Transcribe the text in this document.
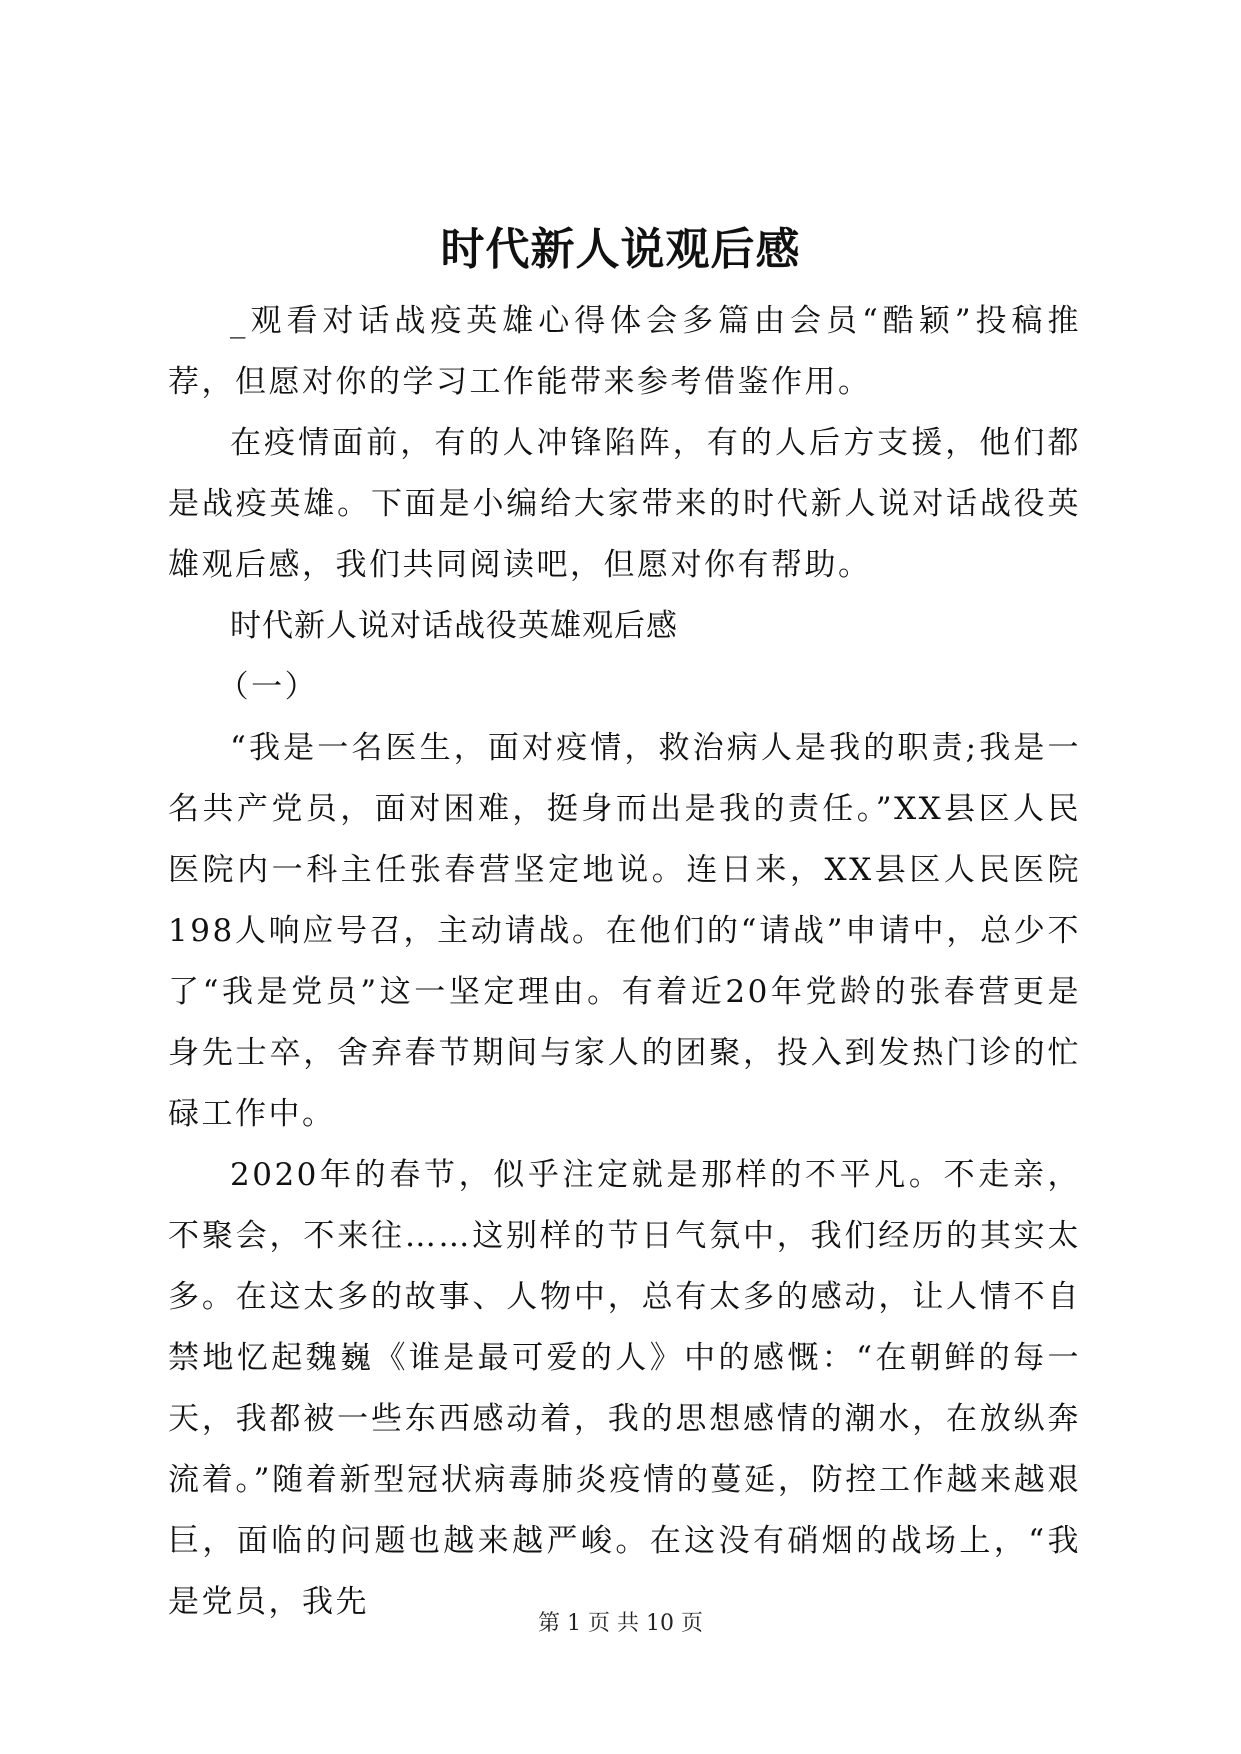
时代新人说观后感

_观看对话战疫英雄心得体会多篇由会员“酷颖”投稿推荐，但愿对你的学习工作能带来参考借鉴作用。

在疫情面前，有的人冲锋陷阵，有的人后方支援，他们都是战疫英雄。下面是小编给大家带来的时代新人说对话战役英雄观后感，我们共同阅读吧，但愿对你有帮助。

时代新人说对话战役英雄观后感

（一）

“我是一名医生，面对疫情，救治病人是我的职责;我是一名共产党员，面对困难，挺身而出是我的责任。”XX县区人民医院内一科主任张春营坚定地说。连日来，XX县区人民医院198人响应号召，主动请战。在他们的“请战”申请中，总少不了“我是党员”这一坚定理由。有着近20年党龄的张春营更是身先士卒，舍弃春节期间与家人的团聚，投入到发热门诊的忙碌工作中。

2020年的春节，似乎注定就是那样的不平凡。不走亲，不聚会，不来往……这别样的节日气氛中，我们经历的其实太多。在这太多的故事、人物中，总有太多的感动，让人情不自禁地忆起魏巍《谁是最可爱的人》中的感慨：“在朝鲜的每一天，我都被一些东西感动着，我的思想感情的潮水，在放纵奔流着。”随着新型冠状病毒肺炎疫情的蔓延，防控工作越来越艰巨，面临的问题也越来越严峻。在这没有硝烟的战场上，“我是党员，我先

第 1 页 共 10 页
